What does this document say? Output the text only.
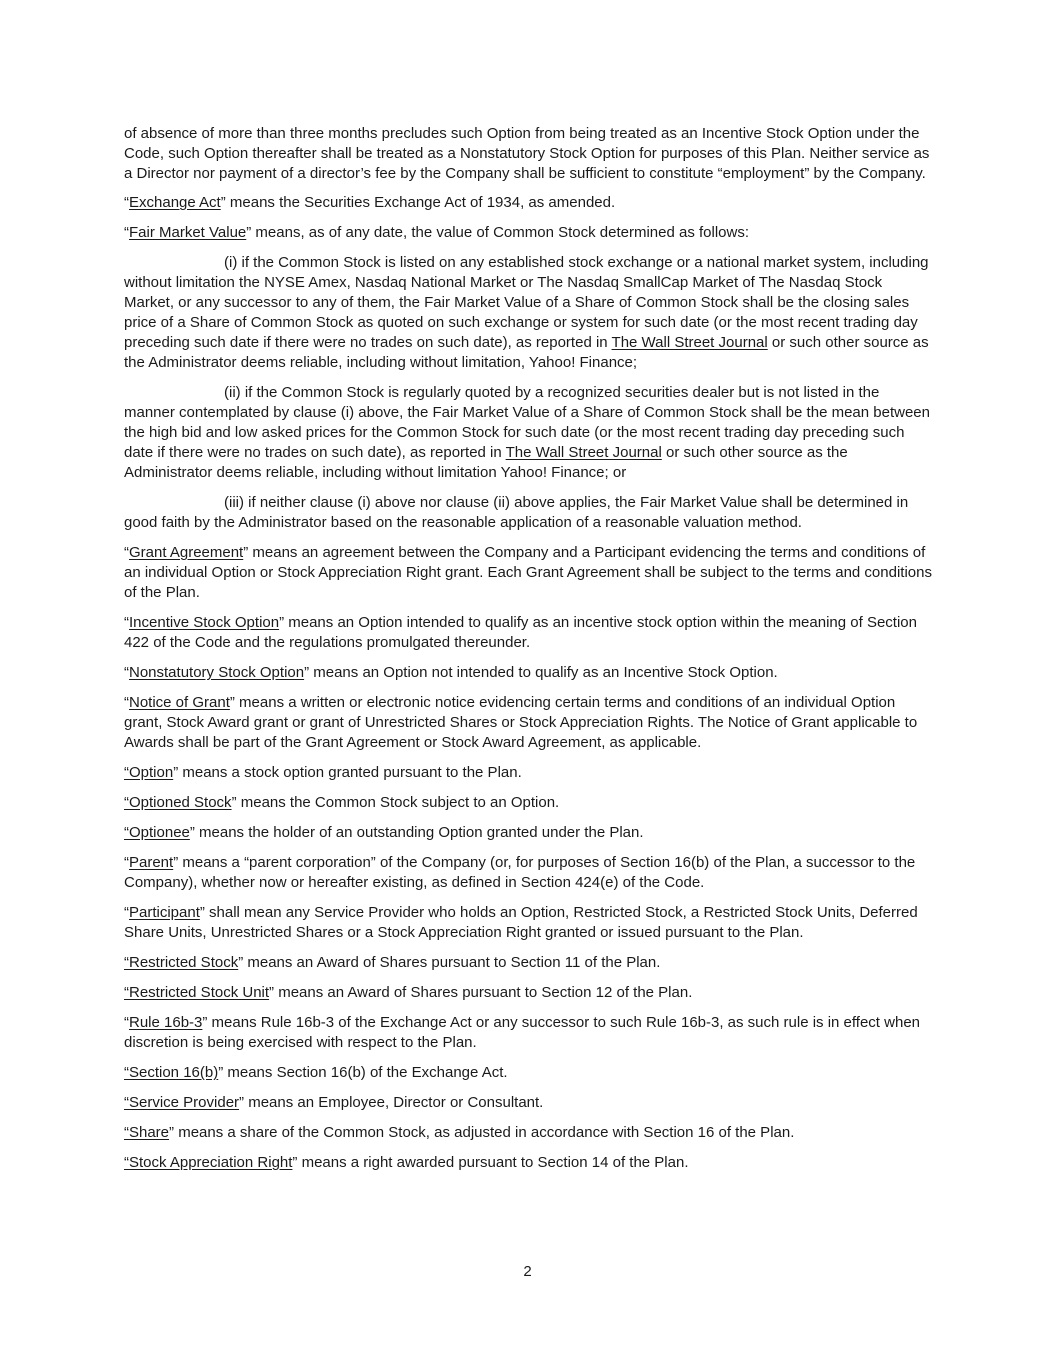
of absence of more than three months precludes such Option from being treated as an Incentive Stock Option under the Code, such Option thereafter shall be treated as a Nonstatutory Stock Option for purposes of this Plan. Neither service as a Director nor payment of a director’s fee by the Company shall be sufficient to constitute “employment” by the Company.

“Exchange Act” means the Securities Exchange Act of 1934, as amended.

“Fair Market Value” means, as of any date, the value of Common Stock determined as follows:

(i) if the Common Stock is listed on any established stock exchange or a national market system, including without limitation the NYSE Amex, Nasdaq National Market or The Nasdaq SmallCap Market of The Nasdaq Stock Market, or any successor to any of them, the Fair Market Value of a Share of Common Stock shall be the closing sales price of a Share of Common Stock as quoted on such exchange or system for such date (or the most recent trading day preceding such date if there were no trades on such date), as reported in The Wall Street Journal or such other source as the Administrator deems reliable, including without limitation, Yahoo! Finance;

(ii) if the Common Stock is regularly quoted by a recognized securities dealer but is not listed in the manner contemplated by clause (i) above, the Fair Market Value of a Share of Common Stock shall be the mean between the high bid and low asked prices for the Common Stock for such date (or the most recent trading day preceding such date if there were no trades on such date), as reported in The Wall Street Journal or such other source as the Administrator deems reliable, including without limitation Yahoo! Finance; or

(iii) if neither clause (i) above nor clause (ii) above applies, the Fair Market Value shall be determined in good faith by the Administrator based on the reasonable application of a reasonable valuation method.

“Grant Agreement” means an agreement between the Company and a Participant evidencing the terms and conditions of an individual Option or Stock Appreciation Right grant. Each Grant Agreement shall be subject to the terms and conditions of the Plan.

“Incentive Stock Option” means an Option intended to qualify as an incentive stock option within the meaning of Section 422 of the Code and the regulations promulgated thereunder.

“Nonstatutory Stock Option” means an Option not intended to qualify as an Incentive Stock Option.

“Notice of Grant” means a written or electronic notice evidencing certain terms and conditions of an individual Option grant, Stock Award grant or grant of Unrestricted Shares or Stock Appreciation Rights. The Notice of Grant applicable to Awards shall be part of the Grant Agreement or Stock Award Agreement, as applicable.

“Option” means a stock option granted pursuant to the Plan.

“Optioned Stock” means the Common Stock subject to an Option.

“Optionee” means the holder of an outstanding Option granted under the Plan.

“Parent” means a “parent corporation” of the Company (or, for purposes of Section 16(b) of the Plan, a successor to the Company), whether now or hereafter existing, as defined in Section 424(e) of the Code.

“Participant” shall mean any Service Provider who holds an Option, Restricted Stock, a Restricted Stock Units, Deferred Share Units, Unrestricted Shares or a Stock Appreciation Right granted or issued pursuant to the Plan.

“Restricted Stock” means an Award of Shares pursuant to Section 11 of the Plan.

“Restricted Stock Unit” means an Award of Shares pursuant to Section 12 of the Plan.

“Rule 16b-3” means Rule 16b-3 of the Exchange Act or any successor to such Rule 16b-3, as such rule is in effect when discretion is being exercised with respect to the Plan.

“Section 16(b)” means Section 16(b) of the Exchange Act.

“Service Provider” means an Employee, Director or Consultant.

“Share” means a share of the Common Stock, as adjusted in accordance with Section 16 of the Plan.

“Stock Appreciation Right” means a right awarded pursuant to Section 14 of the Plan.

2
